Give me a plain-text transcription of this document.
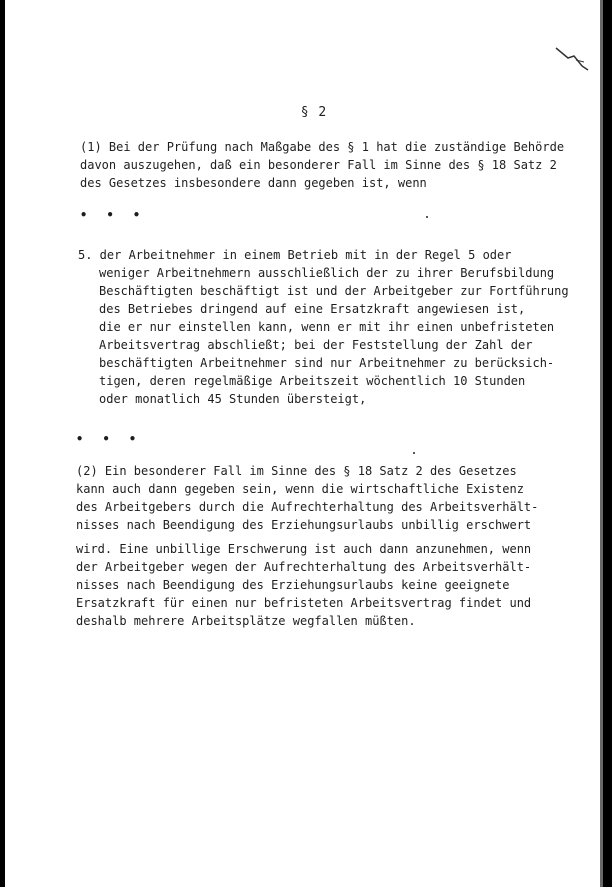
§ 2
(1) Bei der Prüfung nach Maßgabe des § 1 hat die zuständige Behörde
davon auszugehen, daß ein besonderer Fall im Sinne des § 18 Satz 2
des Gesetzes insbesondere dann gegeben ist, wenn
• • •
5. der Arbeitnehmer in einem Betrieb mit in der Regel 5 oder
weniger Arbeitnehmern ausschließlich der zu ihrer Berufsbildung
Beschäftigten beschäftigt ist und der Arbeitgeber zur Fortführung
des Betriebes dringend auf eine Ersatzkraft angewiesen ist,
die er nur einstellen kann, wenn er mit ihr einen unbefristeten
Arbeitsvertrag abschließt; bei der Feststellung der Zahl der
beschäftigten Arbeitnehmer sind nur Arbeitnehmer zu berücksich-
tigen, deren regelmäßige Arbeitszeit wöchentlich 10 Stunden
oder monatlich 45 Stunden übersteigt,
• • •
(2) Ein besonderer Fall im Sinne des § 18 Satz 2 des Gesetzes
kann auch dann gegeben sein, wenn die wirtschaftliche Existenz
des Arbeitgebers durch die Aufrechterhaltung des Arbeitsverhält-
nisses nach Beendigung des Erziehungsurlaubs unbillig erschwert
wird. Eine unbillige Erschwerung ist auch dann anzunehmen, wenn
der Arbeitgeber wegen der Aufrechterhaltung des Arbeitsverhält-
nisses nach Beendigung des Erziehungsurlaubs keine geeignete
Ersatzkraft für einen nur befristeten Arbeitsvertrag findet und
deshalb mehrere Arbeitsplätze wegfallen müßten.
